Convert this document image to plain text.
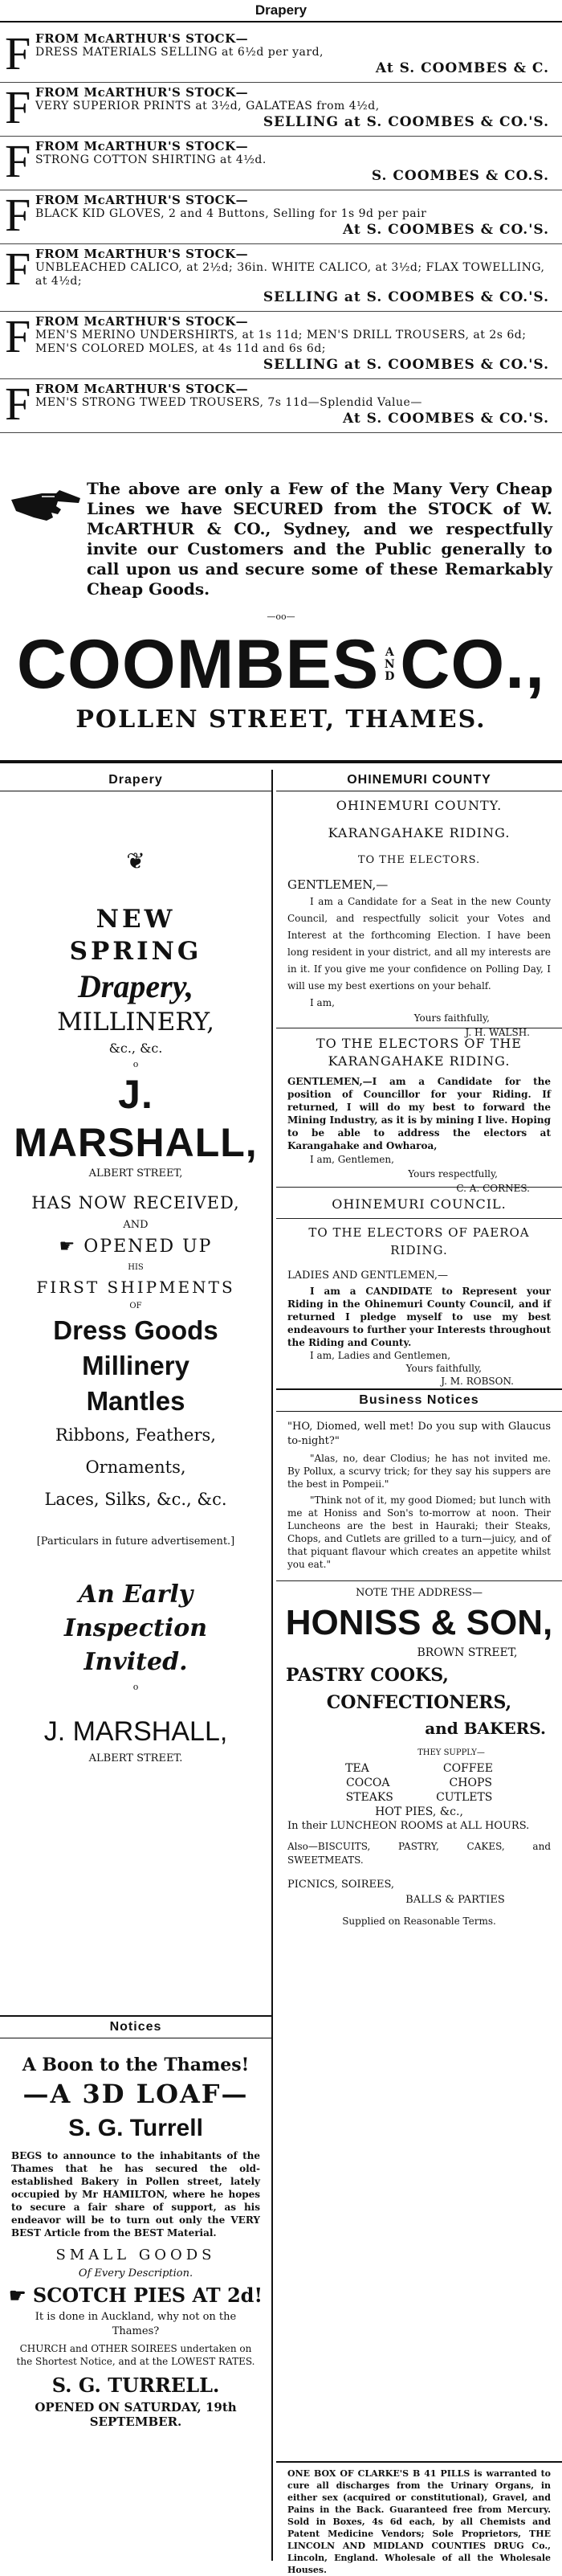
Drapery
F FROM McARTHUR'S STOCK—
DRESS MATERIALS SELLING at 6½d per yard,
At S. COOMBES & C.
F FROM McARTHUR'S STOCK—
VERY SUPERIOR PRINTS at 3½d, GALATEAS from 4½d,
SELLING at S. COOMBES & CO.'S.
F FROM McARTHUR'S STOCK—
STRONG COTTON SHIRTING at 4½d.
S. COOMBES & CO.S.
F FROM McARTHUR'S STOCK—
BLACK KID GLOVES, 2 and 4 Buttons, Selling for 1s 9d per pair
At S. COOMBES & CO.'S.
F FROM McARTHUR'S STOCK—
UNBLEACHED CALICO, at 2½d; 36in. WHITE CALICO, at 3½d; FLAX TOWELLING, at 4½d;
SELLING at S. COOMBES & CO.'S.
F FROM McARTHUR'S STOCK—
MEN'S MERINO UNDERSHIRTS, at 1s 11d; MEN'S DRILL TROUSERS, at 2s 6d; MEN'S COLORED MOLES, at 4s 11d and 6s 6d;
SELLING at S. COOMBES & CO.'S.
F FROM McARTHUR'S STOCK—
MEN'S STRONG TWEED TROUSERS, 7s 11d—Splendid Value—
At S. COOMBES & CO.'S.
The above are only a Few of the Many Very Cheap Lines we have SECURED from the STOCK of W. McARTHUR & CO., Sydney, and we respectfully invite our Customers and the Public generally to call upon us and secure some of these Remarkably Cheap Goods.
—oo—
COOMBES A
N
D CO.,
POLLEN STREET, THAMES.
Drapery
❦
NEW
SPRING
Drapery,
MILLINERY,
&c., &c.
o
J. MARSHALL,
ALBERT STREET,
HAS NOW RECEIVED,
AND
☛ OPENED UP
HIS
FIRST SHIPMENTS
OF
Dress Goods
Millinery
Mantles
Ribbons, Feathers,
Ornaments,
Laces, Silks, &c., &c.
[Particulars in future advertisement.]
An Early Inspection Invited.
o
J. MARSHALL,
ALBERT STREET.
Notices
A Boon to the Thames!
—A 3D LOAF—
S. G. Turrell
BEGS to announce to the inhabitants of the Thames that he has secured the old-established Bakery in Pollen street, lately occupied by Mr HAMILTON, where he hopes to secure a fair share of support, as his endeavor will be to turn out only the VERY BEST Article from the BEST Material.
SMALL GOODS
Of Every Description.
☛ SCOTCH PIES AT 2d!
It is done in Auckland, why not on the Thames?
CHURCH and OTHER SOIREES undertaken on the Shortest Notice, and at the LOWEST RATES.
S. G. TURRELL.
OPENED ON SATURDAY, 19th SEPTEMBER.
OHINEMURI COUNTY
OHINEMURI COUNTY.
KARANGAHAKE RIDING.
TO THE ELECTORS.
GENTLEMEN,—
I am a Candidate for a Seat in the new County Council, and respectfully solicit your Votes and Interest at the forthcoming Election. I have been long resident in your district, and all my interests are in it. If you give me your confidence on Polling Day, I will use my best exertions on your behalf.
I am,
Yours faithfully,
J. H. WALSH.
TO THE ELECTORS OF THE KARANGAHAKE RIDING.
GENTLEMEN,—I am a Candidate for the position of Councillor for your Riding. If returned, I will do my best to forward the Mining Industry, as it is by mining I live. Hoping to be able to address the electors at Karangahake and Owharoa,
I am, Gentlemen,
Yours respectfully,
C. A. CORNES.
OHINEMURI COUNCIL.
TO THE ELECTORS OF PAEROA RIDING.
LADIES AND GENTLEMEN,—
I am a CANDIDATE to Represent your Riding in the Ohinemuri County Council, and if returned I pledge myself to use my best endeavours to further your Interests throughout the Riding and County.
I am, Ladies and Gentlemen,
Yours faithfully,
J. M. ROBSON.
Business Notices
"HO, Diomed, well met! Do you sup with Glaucus to-night?"
"Alas, no, dear Clodius; he has not invited me. By Pollux, a scurvy trick; for they say his suppers are the best in Pompeii."
"Think not of it, my good Diomed; but lunch with me at Honiss and Son's to-morrow at noon. Their Luncheons are the best in Hauraki; their Steaks, Chops, and Cutlets are grilled to a turn—juicy, and of that piquant flavour which creates an appetite whilst you eat."
NOTE THE ADDRESS—
HONISS & SON,
BROWN STREET,
PASTRY COOKS,
CONFECTIONERS,
and BAKERS.
THEY SUPPLY—
TEA	COFFEE
COCOA	CHOPS
STEAKS	CUTLETS
HOT PIES, &c.,
In their LUNCHEON ROOMS at ALL HOURS.
Also—BISCUITS, PASTRY, CAKES, and SWEETMEATS.
PICNICS, SOIREES,
BALLS & PARTIES
Supplied on Reasonable Terms.
ONE BOX OF CLARKE'S B 41 PILLS is warranted to cure all discharges from the Urinary Organs, in either sex (acquired or constitutional), Gravel, and Pains in the Back. Guaranteed free from Mercury. Sold in Boxes, 4s 6d each, by all Chemists and Patent Medicine Vendors; Sole Proprietors, THE LINCOLN AND MIDLAND COUNTIES DRUG Co., Lincoln, England. Wholesale of all the Wholesale Houses.
